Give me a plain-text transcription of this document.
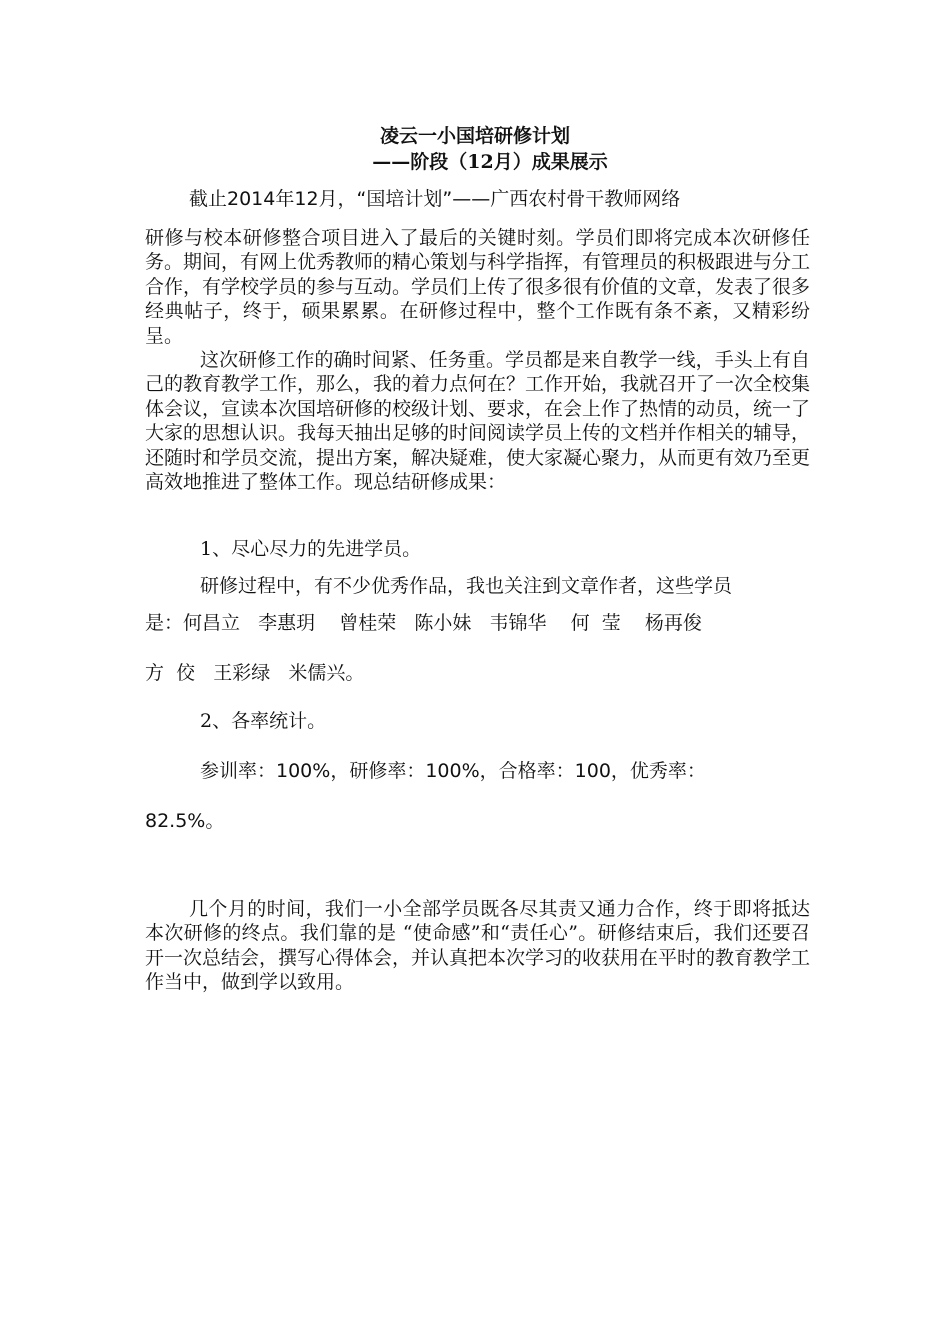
凌云一小国培研修计划
——阶段（12月）成果展示

截止2014年12月，“国培计划”——广西农村骨干教师网络

研修与校本研修整合项目进入了最后的关键时刻。学员们即将完成本次研修任务。期间，有网上优秀教师的精心策划与科学指挥，有管理员的积极跟进与分工合作，有学校学员的参与互动。学员们上传了很多很有价值的文章，发表了很多经典帖子，终于，硕果累累。在研修过程中，整个工作既有条不紊，又精彩纷呈。

这次研修工作的确时间紧、任务重。学员都是来自教学一线，手头上有自己的教育教学工作，那么，我的着力点何在？工作开始，我就召开了一次全校集体会议，宣读本次国培研修的校级计划、要求，在会上作了热情的动员，统一了大家的思想认识。我每天抽出足够的时间阅读学员上传的文档并作相关的辅导，还随时和学员交流，提出方案，解决疑难，使大家凝心聚力，从而更有效乃至更高效地推进了整体工作。现总结研修成果：

1、尽心尽力的先进学员。

研修过程中，有不少优秀作品，我也关注到文章作者，这些学员

是：何昌立   李惠玥    曾桂荣   陈小妹   韦锦华    何  莹    杨再俊

方  佼   王彩绿   米儒兴。

2、各率统计。

参训率：100%，研修率：100%，合格率：100，优秀率：

82.5%。

几个月的时间，我们一小全部学员既各尽其责又通力合作，终于即将抵达本次研修的终点。我们靠的是 “使命感”和“责任心”。研修结束后，我们还要召开一次总结会，撰写心得体会，并认真把本次学习的收获用在平时的教育教学工作当中，做到学以致用。
